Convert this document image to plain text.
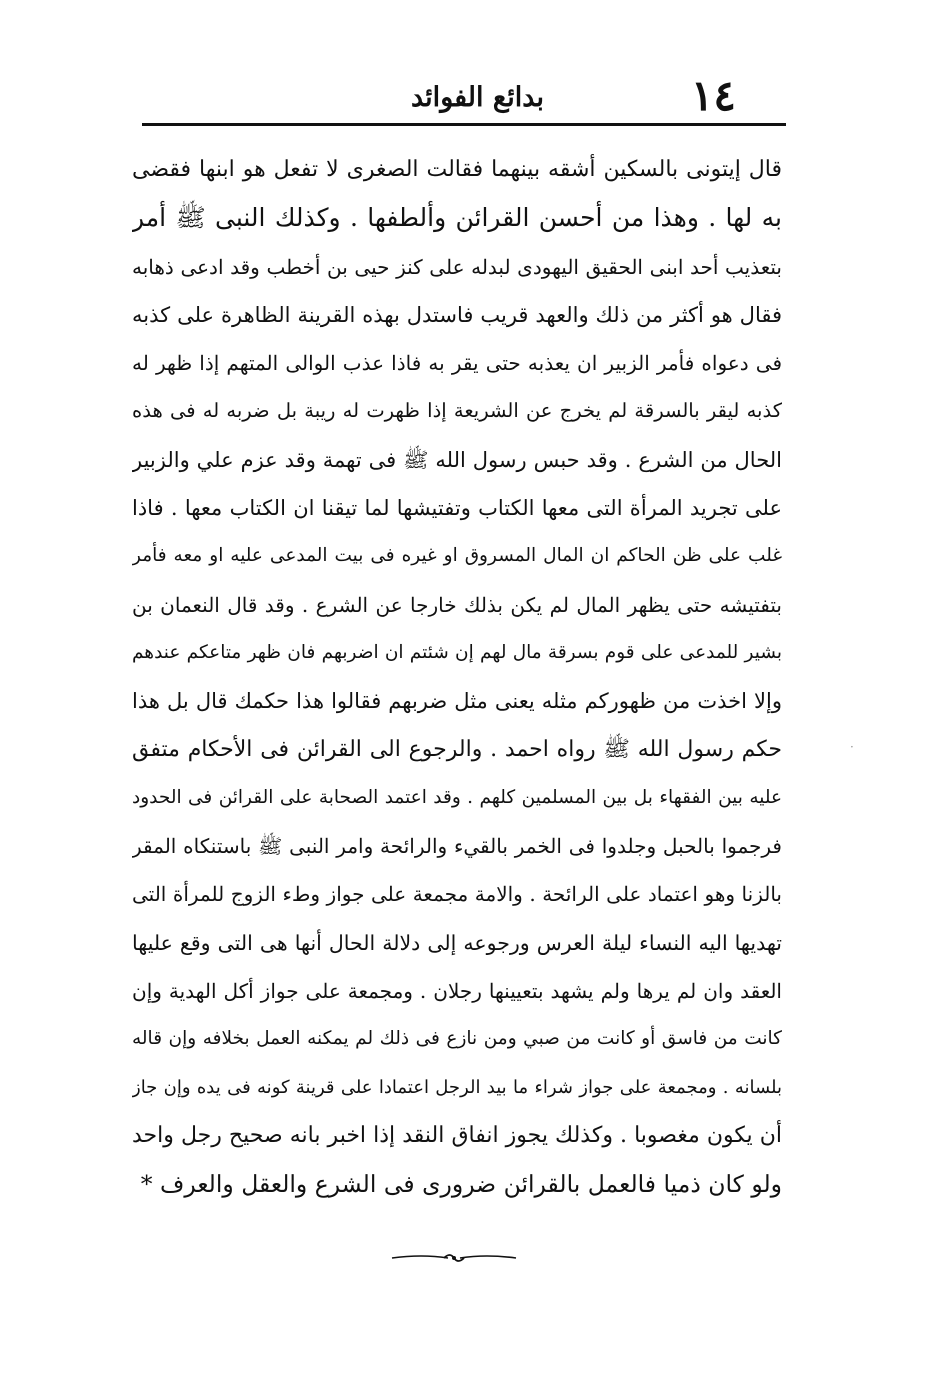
١٤
بدائع الفوائد
قال إيتونى بالسكين أشقه بينهما فقالت الصغرى لا تفعل هو ابنها فقضى
به لها . وهذا من أحسن القرائن وألطفها . وكذلك النبى ﷺ أمر
بتعذيب أحد ابنى الحقيق اليهودى لبدله على كنز حيى بن أخطب وقد ادعى ذهابه
فقال هو أكثر من ذلك والعهد قريب فاستدل بهذه القرينة الظاهرة على كذبه
فى دعواه فأمر الزبير ان يعذبه حتى يقر به فاذا عذب الوالى المتهم إذا ظهر له
كذبه ليقر بالسرقة لم يخرج عن الشريعة إذا ظهرت له ريبة بل ضربه له فى هذه
الحال من الشرع . وقد حبس رسول الله ﷺ فى تهمة وقد عزم علي والزبير
على تجريد المرأة التى معها الكتاب وتفتيشها لما تيقنا ان الكتاب معها . فاذا
غلب على ظن الحاكم ان المال المسروق او غيره فى بيت المدعى عليه او معه فأمر
بتفتيشه حتى يظهر المال لم يكن بذلك خارجا عن الشرع . وقد قال النعمان بن
بشير للمدعى على قوم بسرقة مال لهم إن شئتم ان اضربهم فان ظهر متاعكم عندهم
وإلا اخذت من ظهوركم مثله يعنى مثل ضربهم فقالوا هذا حكمك قال بل هذا
حكم رسول الله ﷺ رواه احمد . والرجوع الى القرائن فى الأحكام متفق
عليه بين الفقهاء بل بين المسلمين كلهم . وقد اعتمد الصحابة على القرائن فى الحدود
فرجموا بالحبل وجلدوا فى الخمر بالقيء والرائحة وامر النبى ﷺ باستنكاه المقر
بالزنا وهو اعتماد على الرائحة . والامة مجمعة على جواز وطء الزوج للمرأة التى
تهديها اليه النساء ليلة العرس ورجوعه إلى دلالة الحال أنها هى التى وقع عليها
العقد وان لم يرها ولم يشهد بتعيينها رجلان . ومجمعة على جواز أكل الهدية وإن
كانت من فاسق أو كانت من صبي ومن نازع فى ذلك لم يمكنه العمل بخلافه وإن قاله
بلسانه . ومجمعة على جواز شراء ما بيد الرجل اعتمادا على قرينة كونه فى يده وإن جاز
أن يكون مغصوبا . وكذلك يجوز انفاق النقد إذا اخبر بانه صحيح رجل واحد
ولو كان ذميا فالعمل بالقرائن ضرورى فى الشرع والعقل والعرف *
·
